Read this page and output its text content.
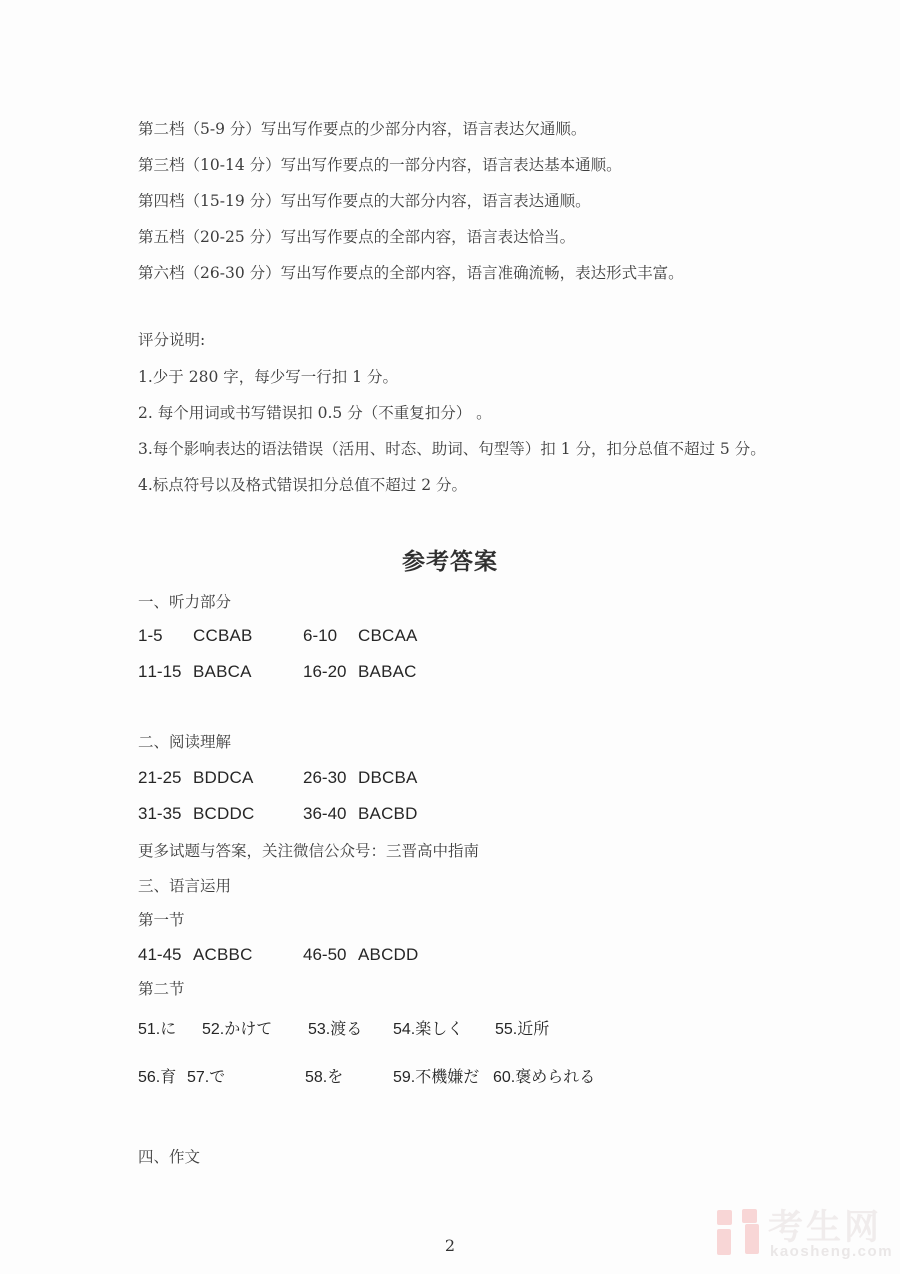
第二档（5-9 分）写出写作要点的少部分内容，语言表达欠通顺。
第三档（10-14 分）写出写作要点的一部分内容，语言表达基本通顺。
第四档（15-19 分）写出写作要点的大部分内容，语言表达通顺。
第五档（20-25 分）写出写作要点的全部内容，语言表达恰当。
第六档（26-30 分）写出写作要点的全部内容，语言准确流畅，表达形式丰富。
评分说明:
1.少于 280 字，每少写一行扣 1 分。
2. 每个用词或书写错误扣 0.5 分（不重复扣分） 。
3.每个影响表达的语法错误（活用、时态、助词、句型等）扣 1 分，扣分总值不超过 5 分。
4.标点符号以及格式错误扣分总值不超过 2 分。
参考答案
一、听力部分
1-5 CCBAB	6-10 CBCAA
11-15 BABCA	16-20 BABAC
二、阅读理解
21-25 BDDCA	26-30 DBCBA
31-35 BCDDC	36-40 BACBD
更多试题与答案，关注微信公众号：三晋高中指南
三、语言运用
第一节
41-45 ACBBC	46-50 ABCDD
第二节
51.に 52.かけて 53.渡る 54.楽しく 55.近所
56.育 57.で	58.を	59.不機嫌だ 60.褒められる
四、作文
2	考生网
kaosheng.com
